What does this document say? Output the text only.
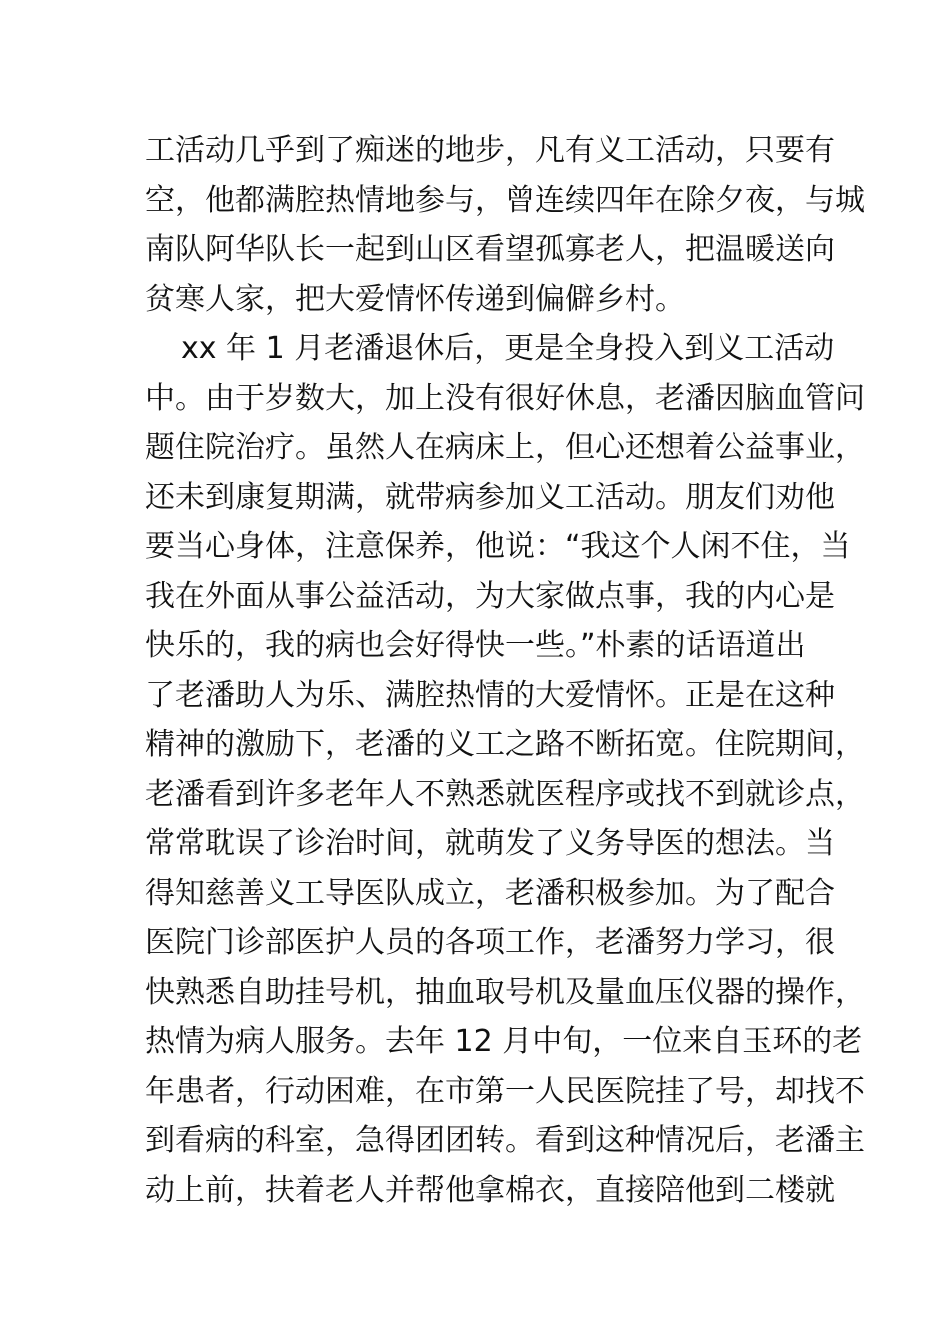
工活动几乎到了痴迷的地步，凡有义工活动，只要有
空，他都满腔热情地参与，曾连续四年在除夕夜，与城
南队阿华队长一起到山区看望孤寡老人，把温暖送向
贫寒人家，把大爱情怀传递到偏僻乡村。
xx 年 1 月老潘退休后，更是全身投入到义工活动
中。由于岁数大，加上没有很好休息，老潘因脑血管问
题住院治疗。虽然人在病床上，但心还想着公益事业，
还未到康复期满，就带病参加义工活动。朋友们劝他
要当心身体，注意保养，他说：“我这个人闲不住，当
我在外面从事公益活动，为大家做点事，我的内心是
快乐的，我的病也会好得快一些。”朴素的话语道出
了老潘助人为乐、满腔热情的大爱情怀。正是在这种
精神的激励下，老潘的义工之路不断拓宽。住院期间，
老潘看到许多老年人不熟悉就医程序或找不到就诊点，
常常耽误了诊治时间，就萌发了义务导医的想法。当
得知慈善义工导医队成立，老潘积极参加。为了配合
医院门诊部医护人员的各项工作，老潘努力学习，很
快熟悉自助挂号机，抽血取号机及量血压仪器的操作，
热情为病人服务。去年 12 月中旬，一位来自玉环的老
年患者，行动困难，在市第一人民医院挂了号，却找不
到看病的科室，急得团团转。看到这种情况后，老潘主
动上前，扶着老人并帮他拿棉衣，直接陪他到二楼就
